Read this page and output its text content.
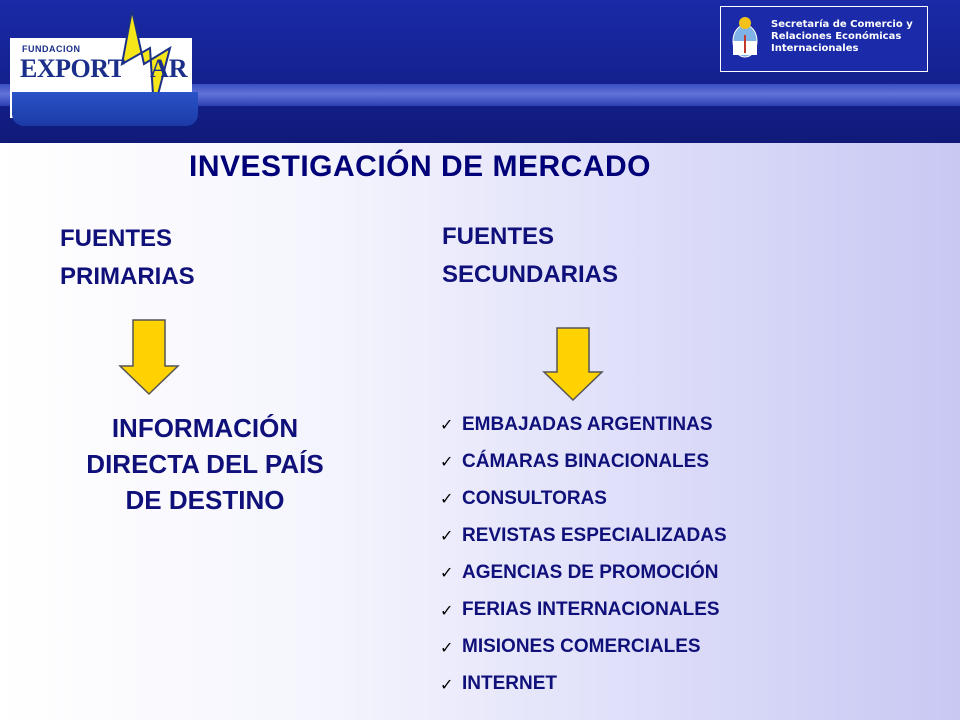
FUNDACION
EXPORT AR
Secretaría de Comercio y
Relaciones Económicas
Internacionales
INVESTIGACIÓN DE MERCADO
FUENTES
PRIMARIAS
INFORMACIÓN
DIRECTA DEL PAÍS
DE DESTINO
FUENTES
SECUNDARIAS
✓ EMBAJADAS ARGENTINAS
✓ CÁMARAS BINACIONALES
✓ CONSULTORAS
✓ REVISTAS ESPECIALIZADAS
✓ AGENCIAS DE PROMOCIÓN
✓ FERIAS INTERNACIONALES
✓ MISIONES COMERCIALES
✓ INTERNET
